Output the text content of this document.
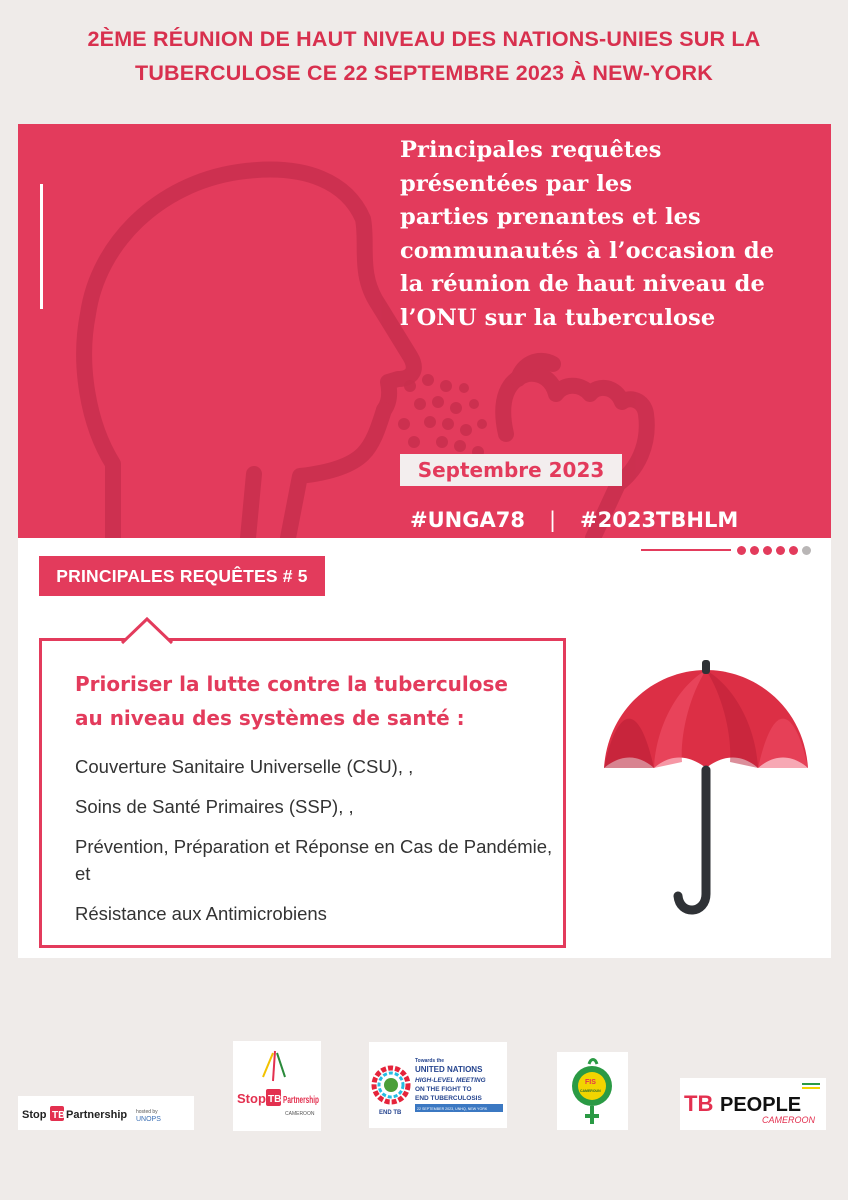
2ÈME RÉUNION DE HAUT NIVEAU DES NATIONS-UNIES SUR LA
TUBERCULOSE CE 22 SEPTEMBRE 2023 À NEW-YORK
Principales requêtes
présentées par les
parties prenantes et les
communautés à l’occasion de
la réunion de haut niveau de
l’ONU sur la tuberculose
Septembre 2023
#UNGA78 | #2023TBHLM
PRINCIPALES REQUÊTES # 5
Prioriser la lutte contre la tuberculose
au niveau des systèmes de santé :
Couverture Sanitaire Universelle (CSU), ,
Soins de Santé Primaires (SSP), ,
Prévention, Préparation et Réponse en Cas de Pandémie, et
Résistance aux Antimicrobiens
Stop TB Partnership hosted by
UNOPS
Stop TB Partnership
CAMEROON	END TB
Towards the
UNITED NATIONS
HIGH-LEVEL MEETING
ON THE FIGHT TO
END TUBERCULOSIS
22 SEPTEMBER 2023, UNHQ, NEW YORK
FIS
CAMEROUN	TB PEOPLE
CAMEROON
